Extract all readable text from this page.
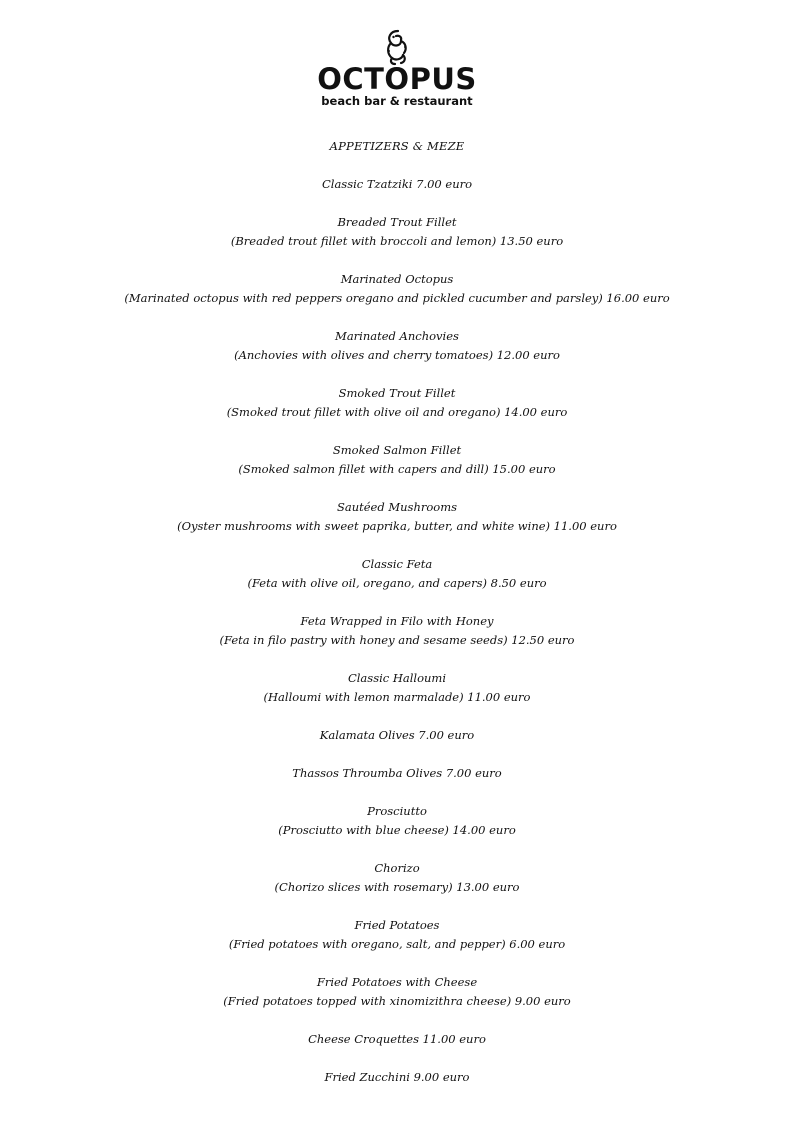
OCTOPUS
beach bar & restaurant
APPETIZERS & MEZE
Classic Tzatziki 7.00 euro
Breaded Trout Fillet
(Breaded trout fillet with broccoli and lemon) 13.50 euro
Marinated Octopus
(Marinated octopus with red peppers oregano and pickled cucumber and parsley) 16.00 euro
Marinated Anchovies
(Anchovies with olives and cherry tomatoes) 12.00 euro
Smoked Trout Fillet
(Smoked trout fillet with olive oil and oregano) 14.00 euro
Smoked Salmon Fillet
(Smoked salmon fillet with capers and dill) 15.00 euro
Sautéed Mushrooms
(Oyster mushrooms with sweet paprika, butter, and white wine) 11.00 euro
Classic Feta
(Feta with olive oil, oregano, and capers) 8.50 euro
Feta Wrapped in Filo with Honey
(Feta in filo pastry with honey and sesame seeds) 12.50 euro
Classic Halloumi
(Halloumi with lemon marmalade) 11.00 euro
Kalamata Olives 7.00 euro
Thassos Throumba Olives 7.00 euro
Prosciutto
(Prosciutto with blue cheese) 14.00 euro
Chorizo
(Chorizo slices with rosemary) 13.00 euro
Fried Potatoes
(Fried potatoes with oregano, salt, and pepper) 6.00 euro
Fried Potatoes with Cheese
(Fried potatoes topped with xinomizithra cheese) 9.00 euro
Cheese Croquettes 11.00 euro
Fried Zucchini 9.00 euro
